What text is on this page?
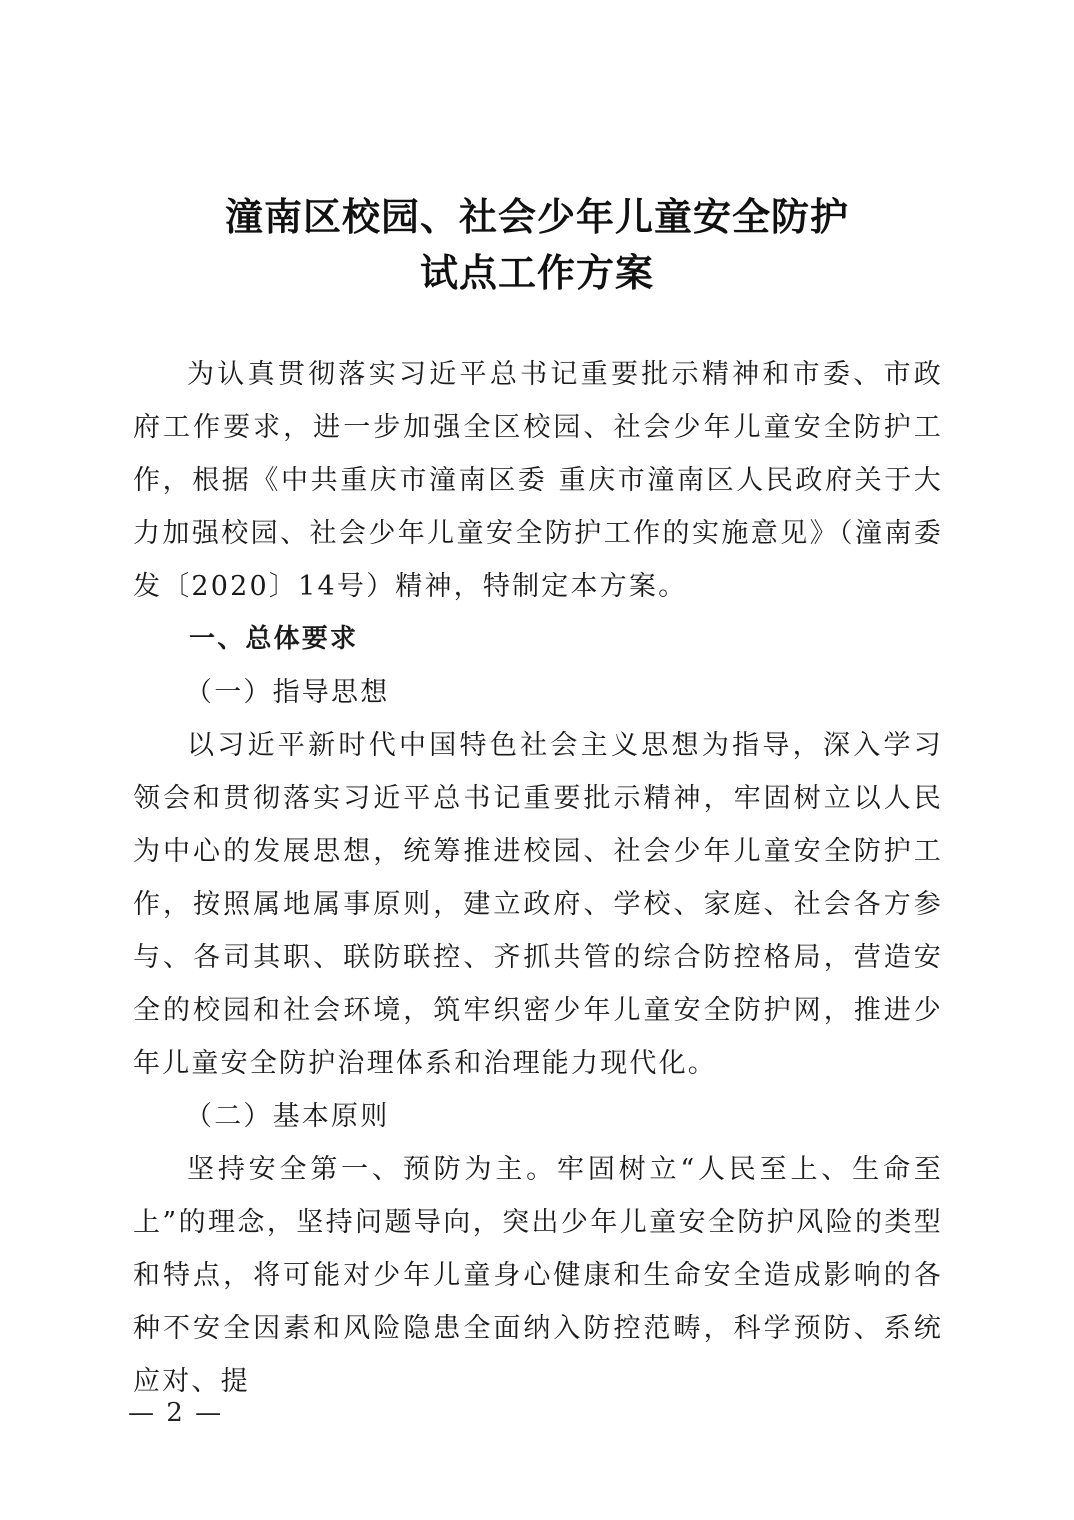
潼南区校园、社会少年儿童安全防护
试点工作方案

为认真贯彻落实习近平总书记重要批示精神和市委、市政府工作要求，进一步加强全区校园、社会少年儿童安全防护工作，根据《中共重庆市潼南区委 重庆市潼南区人民政府关于大力加强校园、社会少年儿童安全防护工作的实施意见》（潼南委发〔2020〕14号）精神，特制定本方案。

一、总体要求

（一）指导思想

以习近平新时代中国特色社会主义思想为指导，深入学习领会和贯彻落实习近平总书记重要批示精神，牢固树立以人民为中心的发展思想，统筹推进校园、社会少年儿童安全防护工作，按照属地属事原则，建立政府、学校、家庭、社会各方参与、各司其职、联防联控、齐抓共管的综合防控格局，营造安全的校园和社会环境，筑牢织密少年儿童安全防护网，推进少年儿童安全防护治理体系和治理能力现代化。

（二）基本原则

坚持安全第一、预防为主。牢固树立“人民至上、生命至上”的理念，坚持问题导向，突出少年儿童安全防护风险的类型和特点，将可能对少年儿童身心健康和生命安全造成影响的各种不安全因素和风险隐患全面纳入防控范畴，科学预防、系统应对、提

— 2 —
